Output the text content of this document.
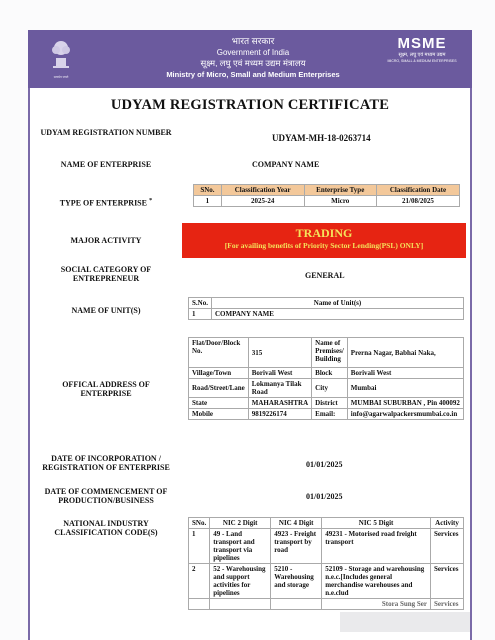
सत्यमेव जयते
भारत सरकार
Government of India
सूक्ष्म, लघु एवं मध्यम उद्यम मंत्रालय
Ministry of Micro, Small and Medium Enterprises
MSME
सूक्ष्म, लघु एवं मध्यम उद्यम
MICRO, SMALL & MEDIUM ENTERPRISES
UDYAM REGISTRATION CERTIFICATE
UDYAM REGISTRATION NUMBER
UDYAM-MH-18-0263714
NAME OF ENTERPRISE	COMPANY NAME
TYPE OF ENTERPRISE *
SNo.	Classification Year	Enterprise Type	Classification Date
1	2025-24	Micro	21/08/2025
MAJOR ACTIVITY
TRADING
[For availing benefits of Priority Sector Lending(PSL) ONLY]
SOCIAL CATEGORY OF ENTREPRENEUR	GENERAL
NAME OF UNIT(S)
S.No.	Name of Unit(s)
1	COMPANY NAME
OFFICAL ADDRESS OF ENTERPRISE
Flat/Door/Block No.	315	Name of Premises/ Building	Prerna Nagar, Babhai Naka,
Village/Town	Borivali West	Block	Borivali West
Road/Street/Lane	Lokmanya Tilak Road	City	Mumbai
State	MAHARASHTRA	District	MUMBAI SUBURBAN , Pin 400092
Mobile	9819226174	Email:	info@agarwalpackersmumbai.co.in
DATE OF INCORPORATION / REGISTRATION OF ENTERPRISE	01/01/2025
DATE OF COMMENCEMENT OF PRODUCTION/BUSINESS	01/01/2025
NATIONAL INDUSTRY CLASSIFICATION CODE(S)
SNo.	NIC 2 Digit	NIC 4 Digit	NIC 5 Digit	Activity
1	49 - Land transport and transport via pipelines	4923 - Freight transport by road	49231 - Motorised road freight transport	Services
2	52 - Warehousing and support activities for pipelines	5210 - Warehousing and storage	52109 - Storage and warehousing n.e.c.[Includes general merchandise warehouses and n.e.clud	Services
			Stora Sung Ser	Services
